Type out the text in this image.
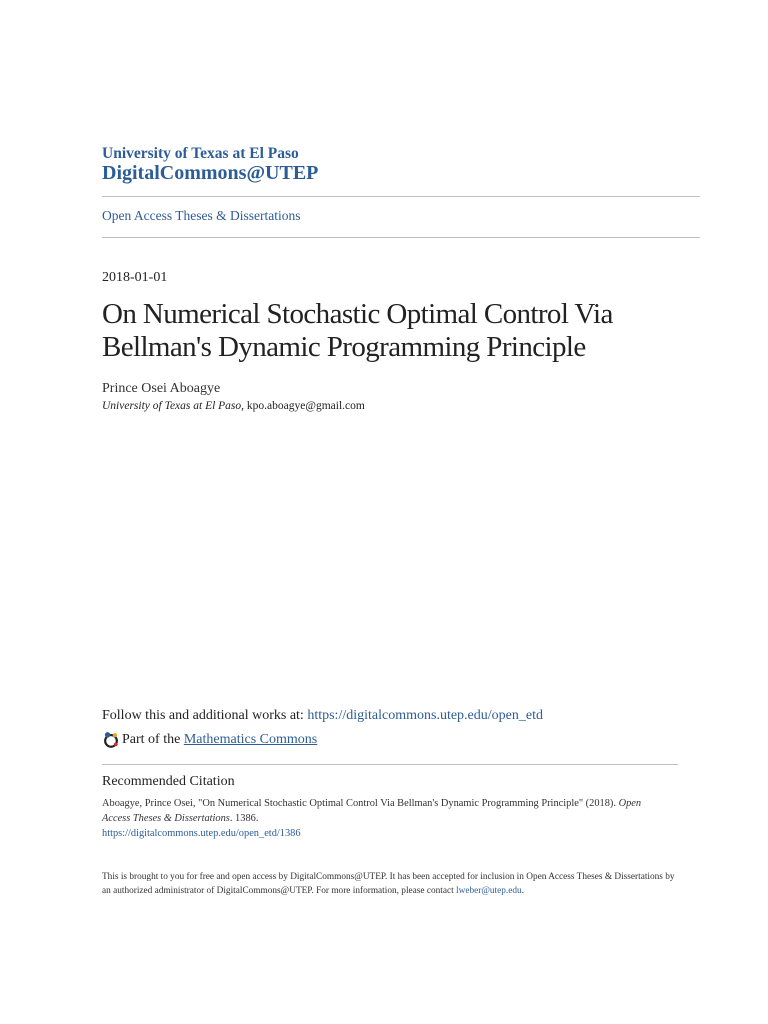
University of Texas at El Paso
DigitalCommons@UTEP
Open Access Theses & Dissertations
2018-01-01
On Numerical Stochastic Optimal Control Via Bellman's Dynamic Programming Principle
Prince Osei Aboagye
University of Texas at El Paso, kpo.aboagye@gmail.com
Follow this and additional works at: https://digitalcommons.utep.edu/open_etd
Part of the
Mathematics Commons
Recommended Citation
Aboagye, Prince Osei, "On Numerical Stochastic Optimal Control Via Bellman's Dynamic Programming Principle" (2018). Open Access Theses & Dissertations. 1386.
https://digitalcommons.utep.edu/open_etd/1386
This is brought to you for free and open access by DigitalCommons@UTEP. It has been accepted for inclusion in Open Access Theses & Dissertations by an authorized administrator of DigitalCommons@UTEP. For more information, please contact lweber@utep.edu.
